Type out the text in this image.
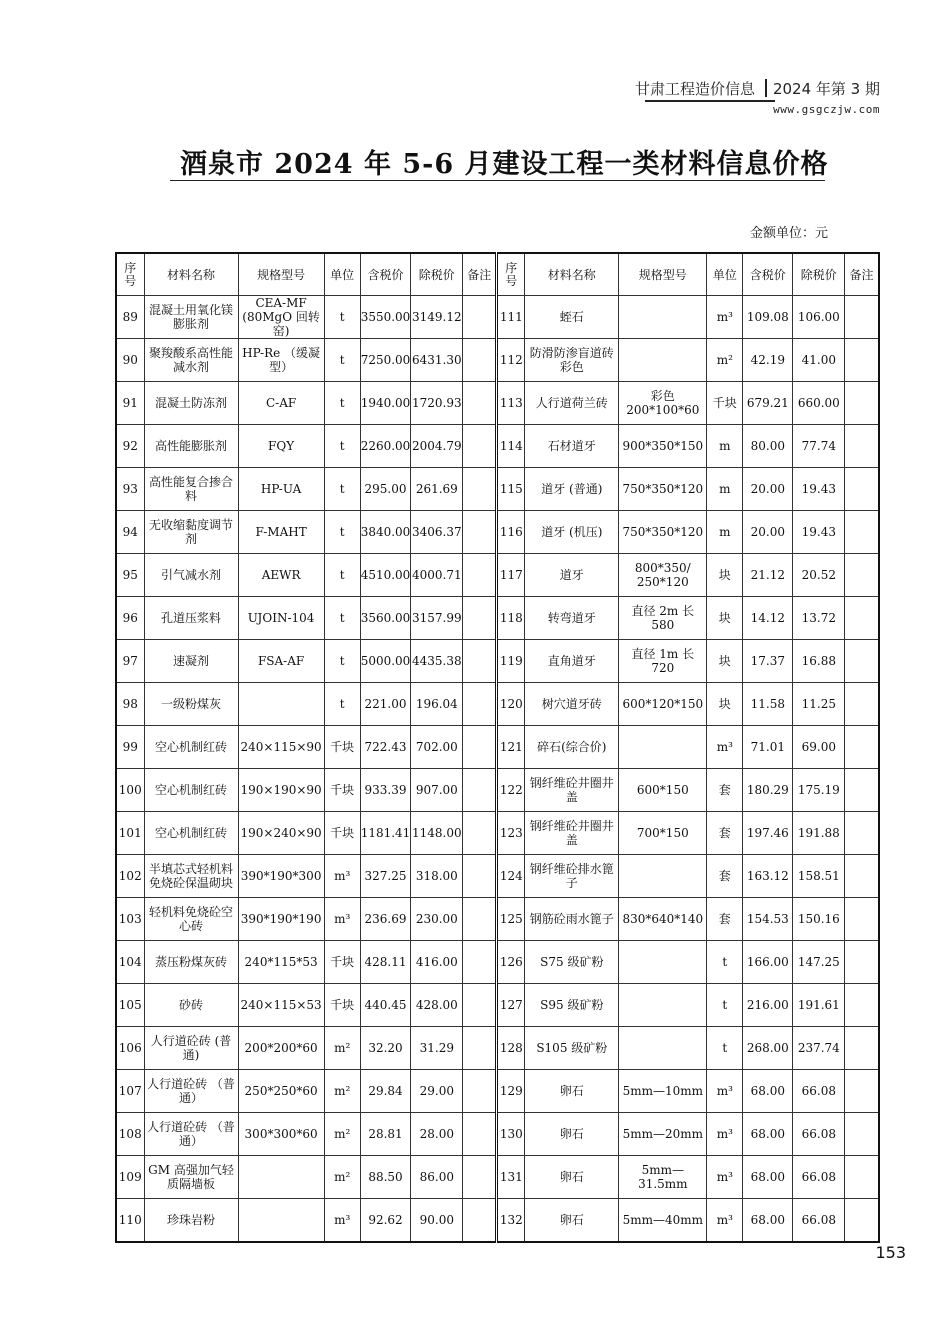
甘肃工程造价信息 2024 年第 3 期
www.gsgczjw.com
酒泉市 2024 年 5-6 月建设工程一类材料信息价格
金额单位：元
序号	材料名称	规格型号	单位	含税价	除税价	备注	序号	材料名称	规格型号	单位	含税价	除税价	备注
89	混凝土用氧化镁膨胀剂	CEA-MF (80MgO 回转窑)	t	3550.00	3149.12		111	蛭石		m³	109.08	106.00	
90	聚羧酸系高性能减水剂	HP-Re （缓凝型）	t	7250.00	6431.30		112	防滑防渗盲道砖彩色		m²	42.19	41.00	
91	混凝土防冻剂	C-AF	t	1940.00	1720.93		113	人行道荷兰砖	彩色 200*100*60	千块	679.21	660.00	
92	高性能膨胀剂	FQY	t	2260.00	2004.79		114	石材道牙	900*350*150	m	80.00	77.74	
93	高性能复合掺合料	HP-UA	t	295.00	261.69		115	道牙 (普通)	750*350*120	m	20.00	19.43	
94	无收缩黏度调节剂	F-MAHT	t	3840.00	3406.37		116	道牙 (机压)	750*350*120	m	20.00	19.43	
95	引气减水剂	AEWR	t	4510.00	4000.71		117	道牙	800*350/ 250*120	块	21.12	20.52	
96	孔道压浆料	UJOIN-104	t	3560.00	3157.99		118	转弯道牙	直径 2m 长 580	块	14.12	13.72	
97	速凝剂	FSA-AF	t	5000.00	4435.38		119	直角道牙	直径 1m 长 720	块	17.37	16.88	
98	一级粉煤灰		t	221.00	196.04		120	树穴道牙砖	600*120*150	块	11.58	11.25	
99	空心机制红砖	240×115×90	千块	722.43	702.00		121	碎石(综合价)		m³	71.01	69.00	
100	空心机制红砖	190×190×90	千块	933.39	907.00		122	钢纤维砼井圈井盖	600*150	套	180.29	175.19	
101	空心机制红砖	190×240×90	千块	1181.41	1148.00		123	钢纤维砼井圈井盖	700*150	套	197.46	191.88	
102	半填芯式轻机料免烧砼保温砌块	390*190*300	m³	327.25	318.00		124	钢纤维砼排水篦子		套	163.12	158.51	
103	轻机料免烧砼空心砖	390*190*190	m³	236.69	230.00		125	钢筋砼雨水篦子	830*640*140	套	154.53	150.16	
104	蒸压粉煤灰砖	240*115*53	千块	428.11	416.00		126	S75 级矿粉		t	166.00	147.25	
105	砂砖	240×115×53	千块	440.45	428.00		127	S95 级矿粉		t	216.00	191.61	
106	人行道砼砖 (普通)	200*200*60	m²	32.20	31.29		128	S105 级矿粉		t	268.00	237.74	
107	人行道砼砖 （普通）	250*250*60	m²	29.84	29.00		129	卵石	5mm—10mm	m³	68.00	66.08	
108	人行道砼砖 （普通）	300*300*60	m²	28.81	28.00		130	卵石	5mm—20mm	m³	68.00	66.08	
109	GM 高强加气轻质隔墙板		m²	88.50	86.00		131	卵石	5mm—31.5mm	m³	68.00	66.08	
110	珍珠岩粉		m³	92.62	90.00		132	卵石	5mm—40mm	m³	68.00	66.08	
153
